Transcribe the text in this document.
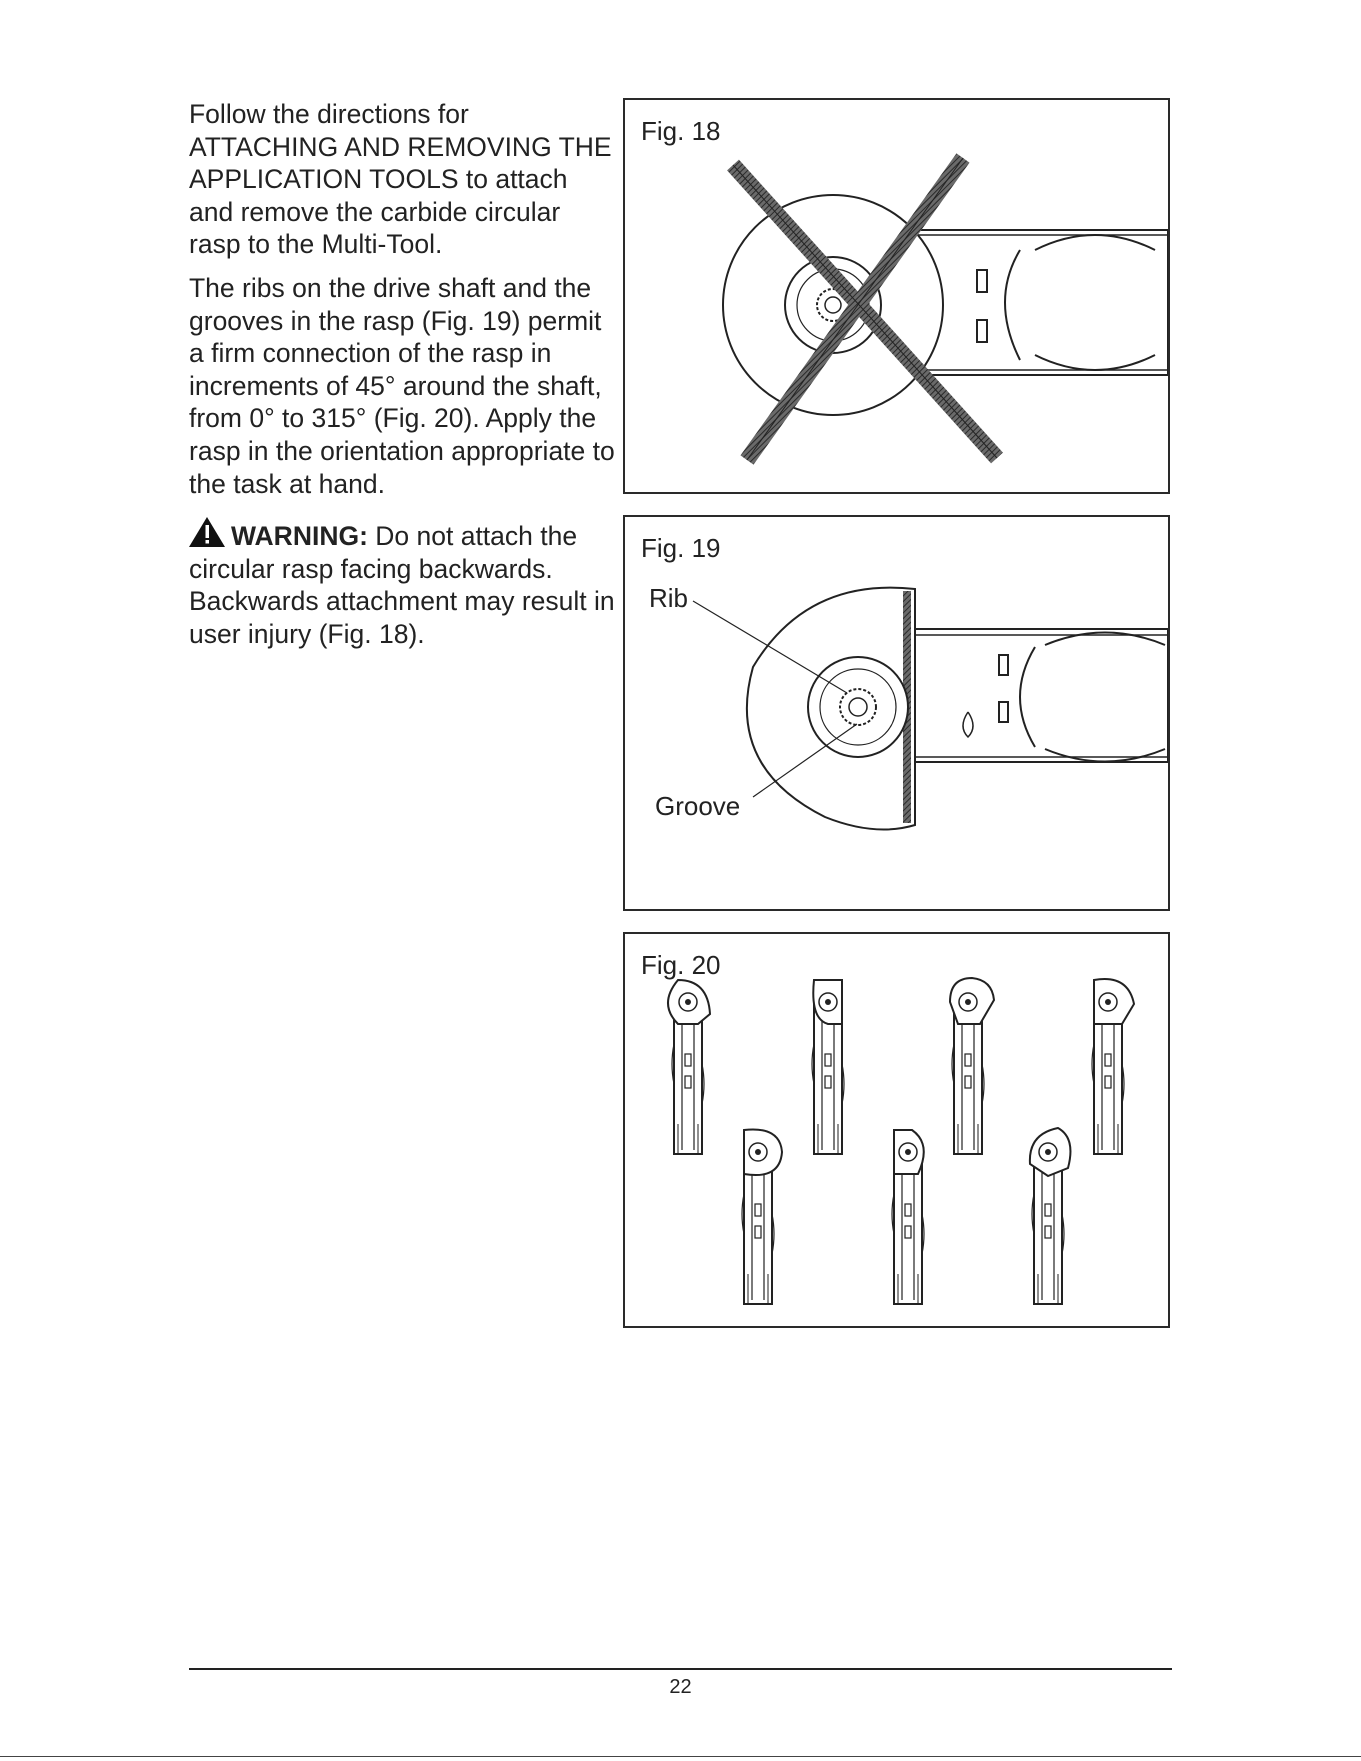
Follow the directions for ATTACHING AND REMOVING THE APPLICATION TOOLS to attach and remove the carbide circular rasp to the Multi-Tool.

The ribs on the drive shaft and the grooves in the rasp (Fig. 19) permit a firm connection of the rasp in increments of 45° around the shaft, from 0° to 315° (Fig. 20). Apply the rasp in the orientation appropriate to the task at hand.

WARNING: Do not attach the circular rasp facing backwards. Backwards attachment may result in user injury (Fig. 18).

Fig. 18
Fig. 19
Rib
Groove
Fig. 20
22
